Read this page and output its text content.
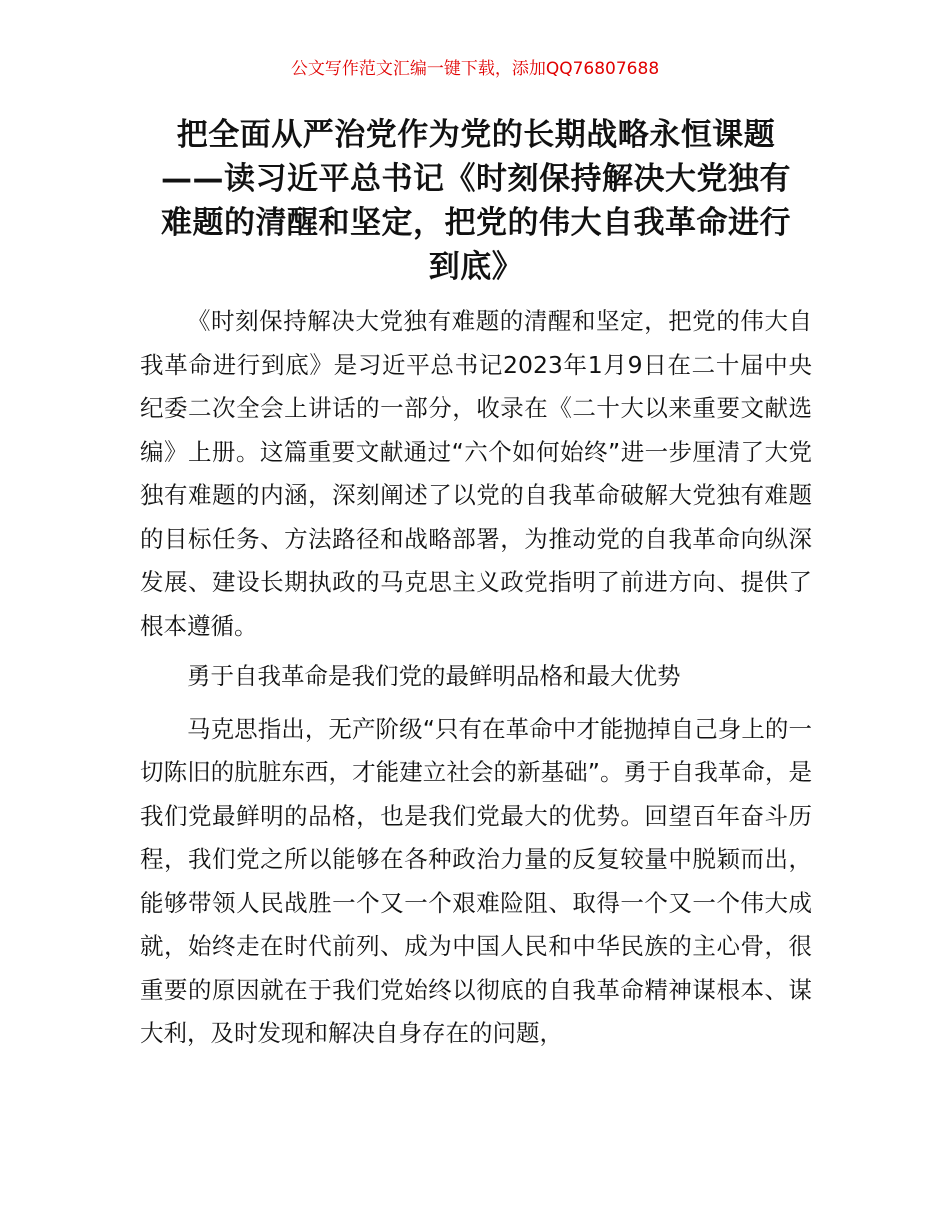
公文写作范文汇编一键下载，添加QQ76807688
把全面从严治党作为党的长期战略永恒课题
——读习近平总书记《时刻保持解决大党独有
难题的清醒和坚定，把党的伟大自我革命进行
到底》

《时刻保持解决大党独有难题的清醒和坚定，把党的伟大自我革命进行到底》是习近平总书记2023年1月9日在二十届中央纪委二次全会上讲话的一部分，收录在《二十大以来重要文献选编》上册。这篇重要文献通过“六个如何始终”进一步厘清了大党独有难题的内涵，深刻阐述了以党的自我革命破解大党独有难题的目标任务、方法路径和战略部署，为推动党的自我革命向纵深发展、建设长期执政的马克思主义政党指明了前进方向、提供了根本遵循。

勇于自我革命是我们党的最鲜明品格和最大优势

马克思指出，无产阶级“只有在革命中才能抛掉自己身上的一切陈旧的肮脏东西，才能建立社会的新基础”。勇于自我革命，是我们党最鲜明的品格，也是我们党最大的优势。回望百年奋斗历程，我们党之所以能够在各种政治力量的反复较量中脱颖而出，能够带领人民战胜一个又一个艰难险阻、取得一个又一个伟大成就，始终走在时代前列、成为中国人民和中华民族的主心骨，很重要的原因就在于我们党始终以彻底的自我革命精神谋根本、谋大利，及时发现和解决自身存在的问题，
